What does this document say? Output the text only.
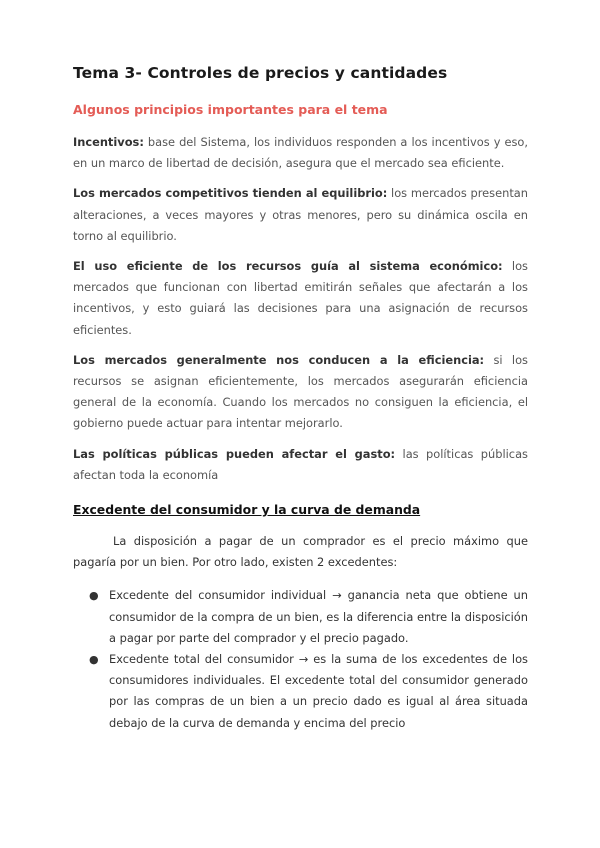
Tema 3- Controles de precios y cantidades
Algunos principios importantes para el tema

Incentivos: base del Sistema, los individuos responden a los incentivos y eso, en un marco de libertad de decisión, asegura que el mercado sea eficiente.

Los mercados competitivos tienden al equilibrio: los mercados presentan alteraciones, a veces mayores y otras menores, pero su dinámica oscila en torno al equilibrio.

El uso eficiente de los recursos guía al sistema económico: los mercados que funcionan con libertad emitirán señales que afectarán a los incentivos, y esto guiará las decisiones para una asignación de recursos eficientes.

Los mercados generalmente nos conducen a la eficiencia: si los recursos se asignan eficientemente, los mercados asegurarán eficiencia general de la economía. Cuando los mercados no consiguen la eficiencia, el gobierno puede actuar para intentar mejorarlo.

Las políticas públicas pueden afectar el gasto: las políticas públicas afectan toda la economía

Excedente del consumidor y la curva de demanda

La disposición a pagar de un comprador es el precio máximo que pagaría por un bien. Por otro lado, existen 2 excedentes:

● Excedente del consumidor individual → ganancia neta que obtiene un consumidor de la compra de un bien, es la diferencia entre la disposición a pagar por parte del comprador y el precio pagado.
● Excedente total del consumidor → es la suma de los excedentes de los consumidores individuales. El excedente total del consumidor generado por las compras de un bien a un precio dado es igual al área situada debajo de la curva de demanda y encima del precio
